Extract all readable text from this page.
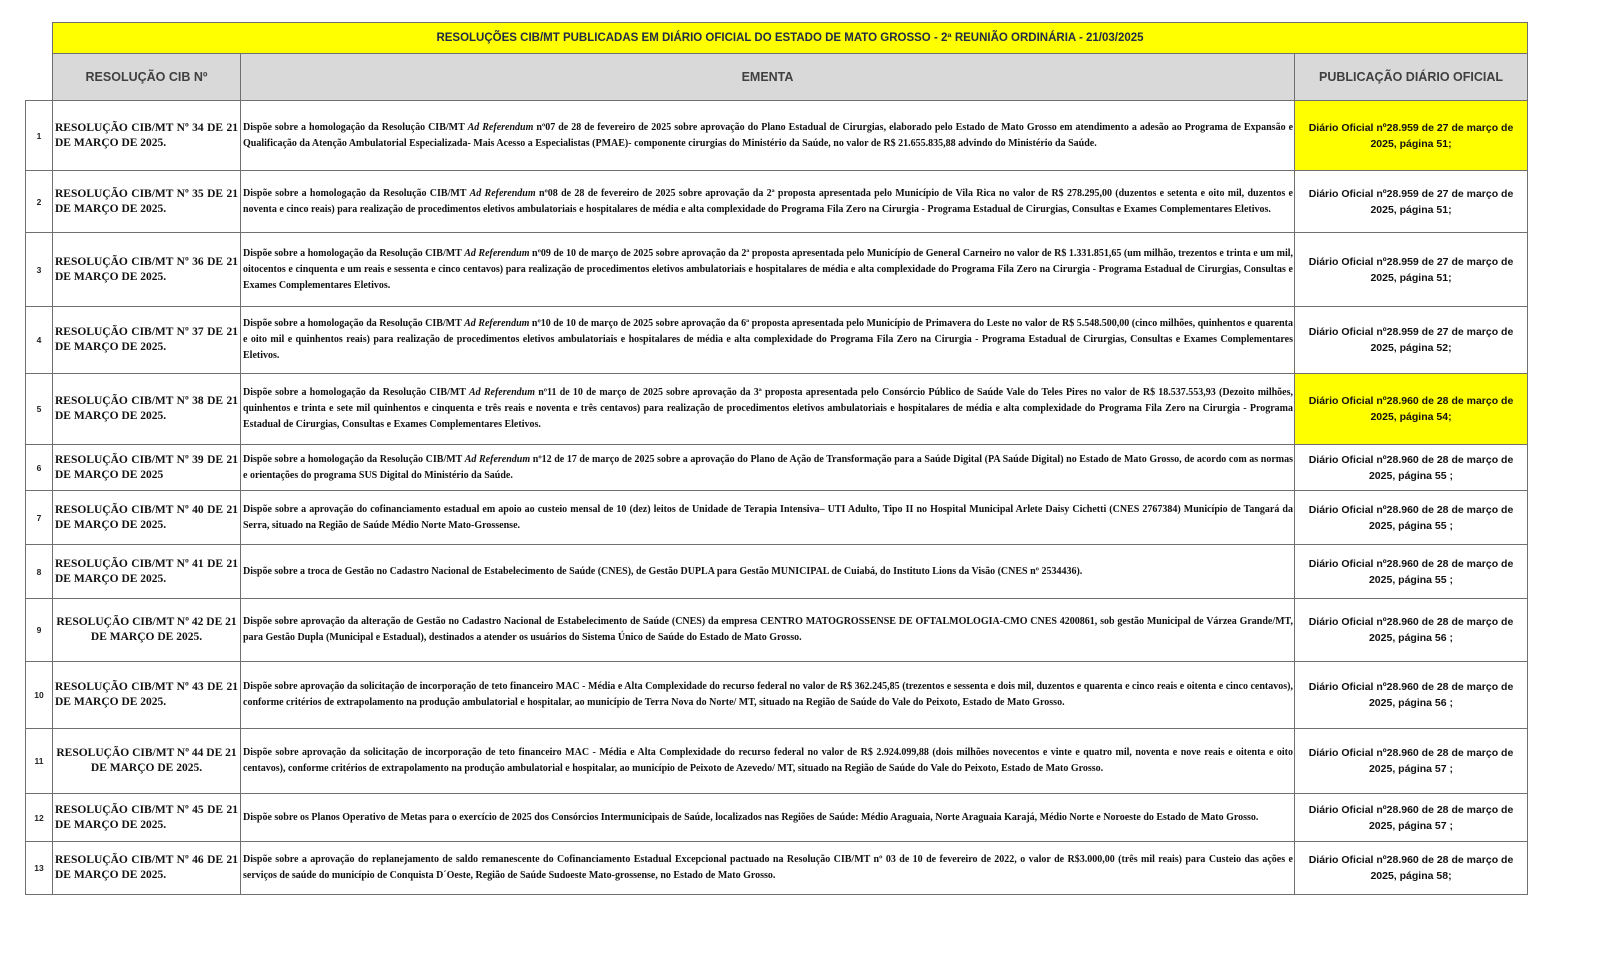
	RESOLUÇÕES CIB/MT PUBLICADAS EM DIÁRIO OFICIAL DO ESTADO DE MATO GROSSO - 2ª REUNIÃO ORDINÁRIA - 21/03/2025		
	RESOLUÇÃO CIB Nº	EMENTA	PUBLICAÇÃO DIÁRIO OFICIAL
1	RESOLUÇÃO CIB/MT Nº 34 DE 21 DE MARÇO DE 2025.	Dispõe sobre a homologação da Resolução CIB/MT Ad Referendum nº07 de 28 de fevereiro de 2025 sobre aprovação do Plano Estadual de Cirurgias, elaborado pelo Estado de Mato Grosso em atendimento a adesão ao Programa de Expansão e Qualificação da Atenção Ambulatorial Especializada- Mais Acesso a Especialistas (PMAE)- componente cirurgias do Ministério da Saúde, no valor de R$ 21.655.835,88 advindo do Ministério da Saúde.	Diário Oficial nº28.959 de 27 de março de 2025, página 51;
2	RESOLUÇÃO CIB/MT Nº 35 DE 21 DE MARÇO DE 2025.	Dispõe sobre a homologação da Resolução CIB/MT Ad Referendum nº08 de 28 de fevereiro de 2025 sobre aprovação da 2ª proposta apresentada pelo Município de Vila Rica no valor de R$ 278.295,00 (duzentos e setenta e oito mil, duzentos e noventa e cinco reais) para realização de procedimentos eletivos ambulatoriais e hospitalares de média e alta complexidade do Programa Fila Zero na Cirurgia - Programa Estadual de Cirurgias, Consultas e Exames Complementares Eletivos.	Diário Oficial nº28.959 de 27 de março de 2025, página 51;
3	RESOLUÇÃO CIB/MT Nº 36 DE 21 DE MARÇO DE 2025.	Dispõe sobre a homologação da Resolução CIB/MT Ad Referendum nº09 de 10 de março de 2025 sobre aprovação da 2ª proposta apresentada pelo Município de General Carneiro no valor de R$ 1.331.851,65 (um milhão, trezentos e trinta e um mil, oitocentos e cinquenta e um reais e sessenta e cinco centavos) para realização de procedimentos eletivos ambulatoriais e hospitalares de média e alta complexidade do Programa Fila Zero na Cirurgia - Programa Estadual de Cirurgias, Consultas e Exames Complementares Eletivos.	Diário Oficial nº28.959 de 27 de março de 2025, página 51;
4	RESOLUÇÃO CIB/MT Nº 37 DE 21 DE MARÇO DE 2025.	Dispõe sobre a homologação da Resolução CIB/MT Ad Referendum nº10 de 10 de março de 2025 sobre aprovação da 6ª proposta apresentada pelo Município de Primavera do Leste no valor de R$ 5.548.500,00 (cinco milhões, quinhentos e quarenta e oito mil e quinhentos reais) para realização de procedimentos eletivos ambulatoriais e hospitalares de média e alta complexidade do Programa Fila Zero na Cirurgia - Programa Estadual de Cirurgias, Consultas e Exames Complementares Eletivos.	Diário Oficial nº28.959 de 27 de março de 2025, página 52;
5	RESOLUÇÃO CIB/MT Nº 38 DE 21 DE MARÇO DE 2025.	Dispõe sobre a homologação da Resolução CIB/MT Ad Referendum nº11 de 10 de março de 2025 sobre aprovação da 3ª proposta apresentada pelo Consórcio Público de Saúde Vale do Teles Pires no valor de R$ 18.537.553,93 (Dezoito milhões, quinhentos e trinta e sete mil quinhentos e cinquenta e três reais e noventa e três centavos) para realização de procedimentos eletivos ambulatoriais e hospitalares de média e alta complexidade do Programa Fila Zero na Cirurgia - Programa Estadual de Cirurgias, Consultas e Exames Complementares Eletivos.	Diário Oficial nº28.960 de 28 de março de 2025, página 54;
6	RESOLUÇÃO CIB/MT Nº 39 DE 21 DE MARÇO DE 2025	Dispõe sobre a homologação da Resolução CIB/MT Ad Referendum nº12 de 17 de março de 2025 sobre a aprovação do Plano de Ação de Transformação para a Saúde Digital (PA Saúde Digital) no Estado de Mato Grosso, de acordo com as normas e orientações do programa SUS Digital do Ministério da Saúde.	Diário Oficial nº28.960 de 28 de março de 2025, página 55 ;
7	RESOLUÇÃO CIB/MT Nº 40 DE 21 DE MARÇO DE 2025.	Dispõe sobre a aprovação do cofinanciamento estadual em apoio ao custeio mensal de 10 (dez) leitos de Unidade de Terapia Intensiva– UTI Adulto, Tipo II no Hospital Municipal Arlete Daisy Cichetti (CNES 2767384) Município de Tangará da Serra, situado na Região de Saúde Médio Norte Mato-Grossense.	Diário Oficial nº28.960 de 28 de março de 2025, página 55 ;
8	RESOLUÇÃO CIB/MT Nº 41 DE 21 DE MARÇO DE 2025.	Dispõe sobre a troca de Gestão no Cadastro Nacional de Estabelecimento de Saúde (CNES), de Gestão DUPLA para Gestão MUNICIPAL de Cuiabá, do Instituto Lions da Visão (CNES nº 2534436).	Diário Oficial nº28.960 de 28 de março de 2025, página 55 ;
9	RESOLUÇÃO CIB/MT Nº 42 DE 21 DE MARÇO DE 2025.	Dispõe sobre aprovação da alteração de Gestão no Cadastro Nacional de Estabelecimento de Saúde (CNES) da empresa CENTRO MATOGROSSENSE DE OFTALMOLOGIA-CMO CNES 4200861, sob gestão Municipal de Várzea Grande/MT, para Gestão Dupla (Municipal e Estadual), destinados a atender os usuários do Sistema Único de Saúde do Estado de Mato Grosso.	Diário Oficial nº28.960 de 28 de março de 2025, página 56 ;
10	RESOLUÇÃO CIB/MT Nº 43 DE 21 DE MARÇO DE 2025.	Dispõe sobre aprovação da solicitação de incorporação de teto financeiro MAC - Média e Alta Complexidade do recurso federal no valor de R$ 362.245,85 (trezentos e sessenta e dois mil, duzentos e quarenta e cinco reais e oitenta e cinco centavos), conforme critérios de extrapolamento na produção ambulatorial e hospitalar, ao município de Terra Nova do Norte/ MT, situado na Região de Saúde do Vale do Peixoto, Estado de Mato Grosso.	Diário Oficial nº28.960 de 28 de março de 2025, página 56 ;
11	RESOLUÇÃO CIB/MT Nº 44 DE 21 DE MARÇO DE 2025.	Dispõe sobre aprovação da solicitação de incorporação de teto financeiro MAC - Média e Alta Complexidade do recurso federal no valor de R$ 2.924.099,88 (dois milhões novecentos e vinte e quatro mil, noventa e nove reais e oitenta e oito centavos), conforme critérios de extrapolamento na produção ambulatorial e hospitalar, ao município de Peixoto de Azevedo/ MT, situado na Região de Saúde do Vale do Peixoto, Estado de Mato Grosso.	Diário Oficial nº28.960 de 28 de março de 2025, página 57 ;
12	RESOLUÇÃO CIB/MT Nº 45 DE 21 DE MARÇO DE 2025.	Dispõe sobre os Planos Operativo de Metas para o exercício de 2025 dos Consórcios Intermunicipais de Saúde, localizados nas Regiões de Saúde: Médio Araguaia, Norte Araguaia Karajá, Médio Norte e Noroeste do Estado de Mato Grosso.	Diário Oficial nº28.960 de 28 de março de 2025, página 57 ;
13	RESOLUÇÃO CIB/MT Nº 46 DE 21 DE MARÇO DE 2025.	Dispõe sobre a aprovação do replanejamento de saldo remanescente do Cofinanciamento Estadual Excepcional pactuado na Resolução CIB/MT nº 03 de 10 de fevereiro de 2022, o valor de R$3.000,00 (três mil reais) para Custeio das ações e serviços de saúde do município de Conquista D´Oeste, Região de Saúde Sudoeste Mato-grossense, no Estado de Mato Grosso.	Diário Oficial nº28.960 de 28 de março de 2025, página 58;
